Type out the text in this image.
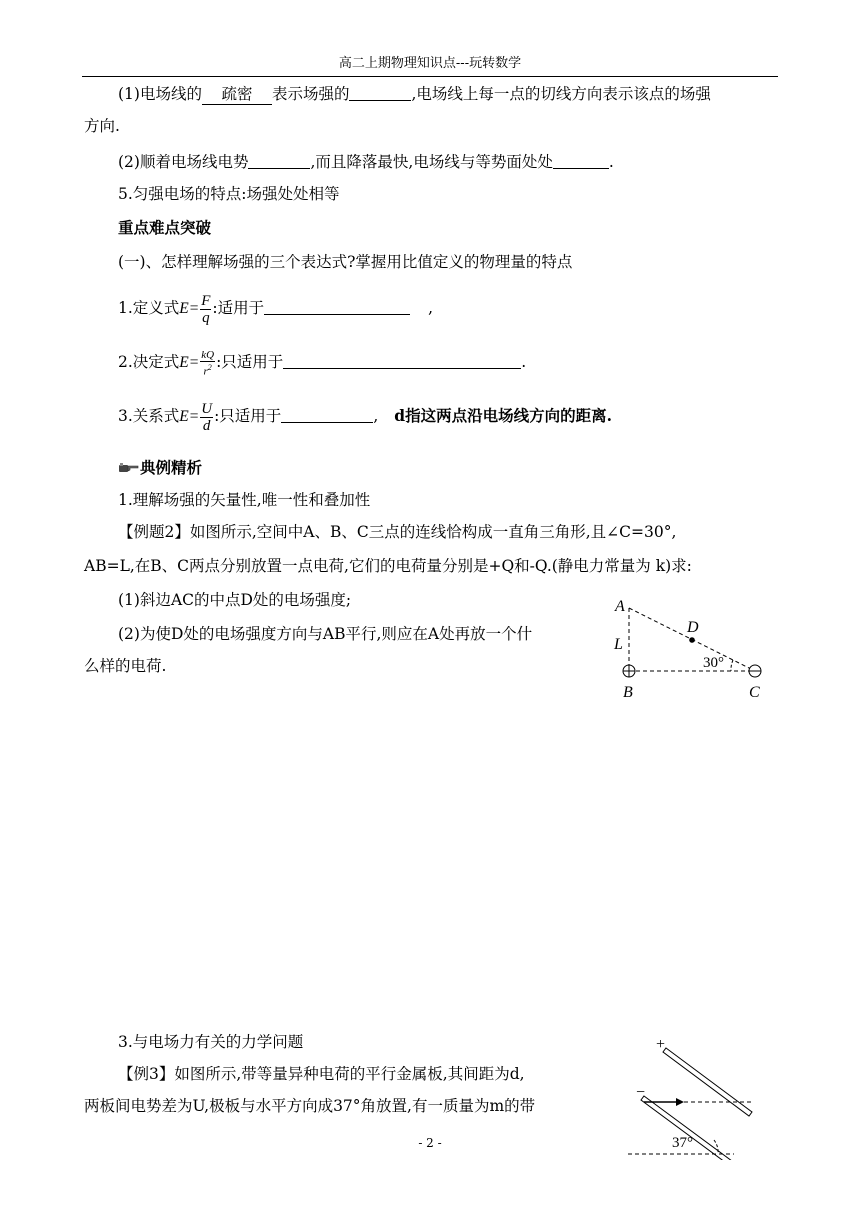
高二上期物理知识点---玩转数学
(1)电场线的 疏密 表示场强的	,电场线上每一点的切线方向表示该点的场强
方向.
(2)顺着电场线电势	,而且降落最快,电场线与等势面处处	.
5.匀强电场的特点:场强处处相等
重点难点突破
(一)、怎样理解场强的三个表达式?掌握用比值定义的物理量的特点
1.定义式$E= \frac{F}{q}$ :适用于	,
2.决定式$E= \frac{kQ}{r^2}$ :只适用于	.
3.关系式$E= \frac{U}{d}$ :只适用于	, d指这两点沿电场线方向的距离.
典例精析
1.理解场强的矢量性,唯一性和叠加性
【例题2】如图所示,空间中A、B、C三点的连线恰构成一直角三角形,且∠C=30°,
AB=L,在B、C两点分别放置一点电荷,它们的电荷量分别是+Q和-Q.(静电力常量为 k)求:
(1)斜边AC的中点D处的电场强度;
(2)为使D处的电场强度方向与AB平行,则应在A处再放一个什
么样的电荷.
A
D
L
30°
B	C
3.与电场力有关的力学问题
【例3】如图所示,带等量异种电荷的平行金属板,其间距为d,
两板间电势差为U,极板与水平方向成37°角放置,有一质量为m的带
+
−
37°
- 2 -
